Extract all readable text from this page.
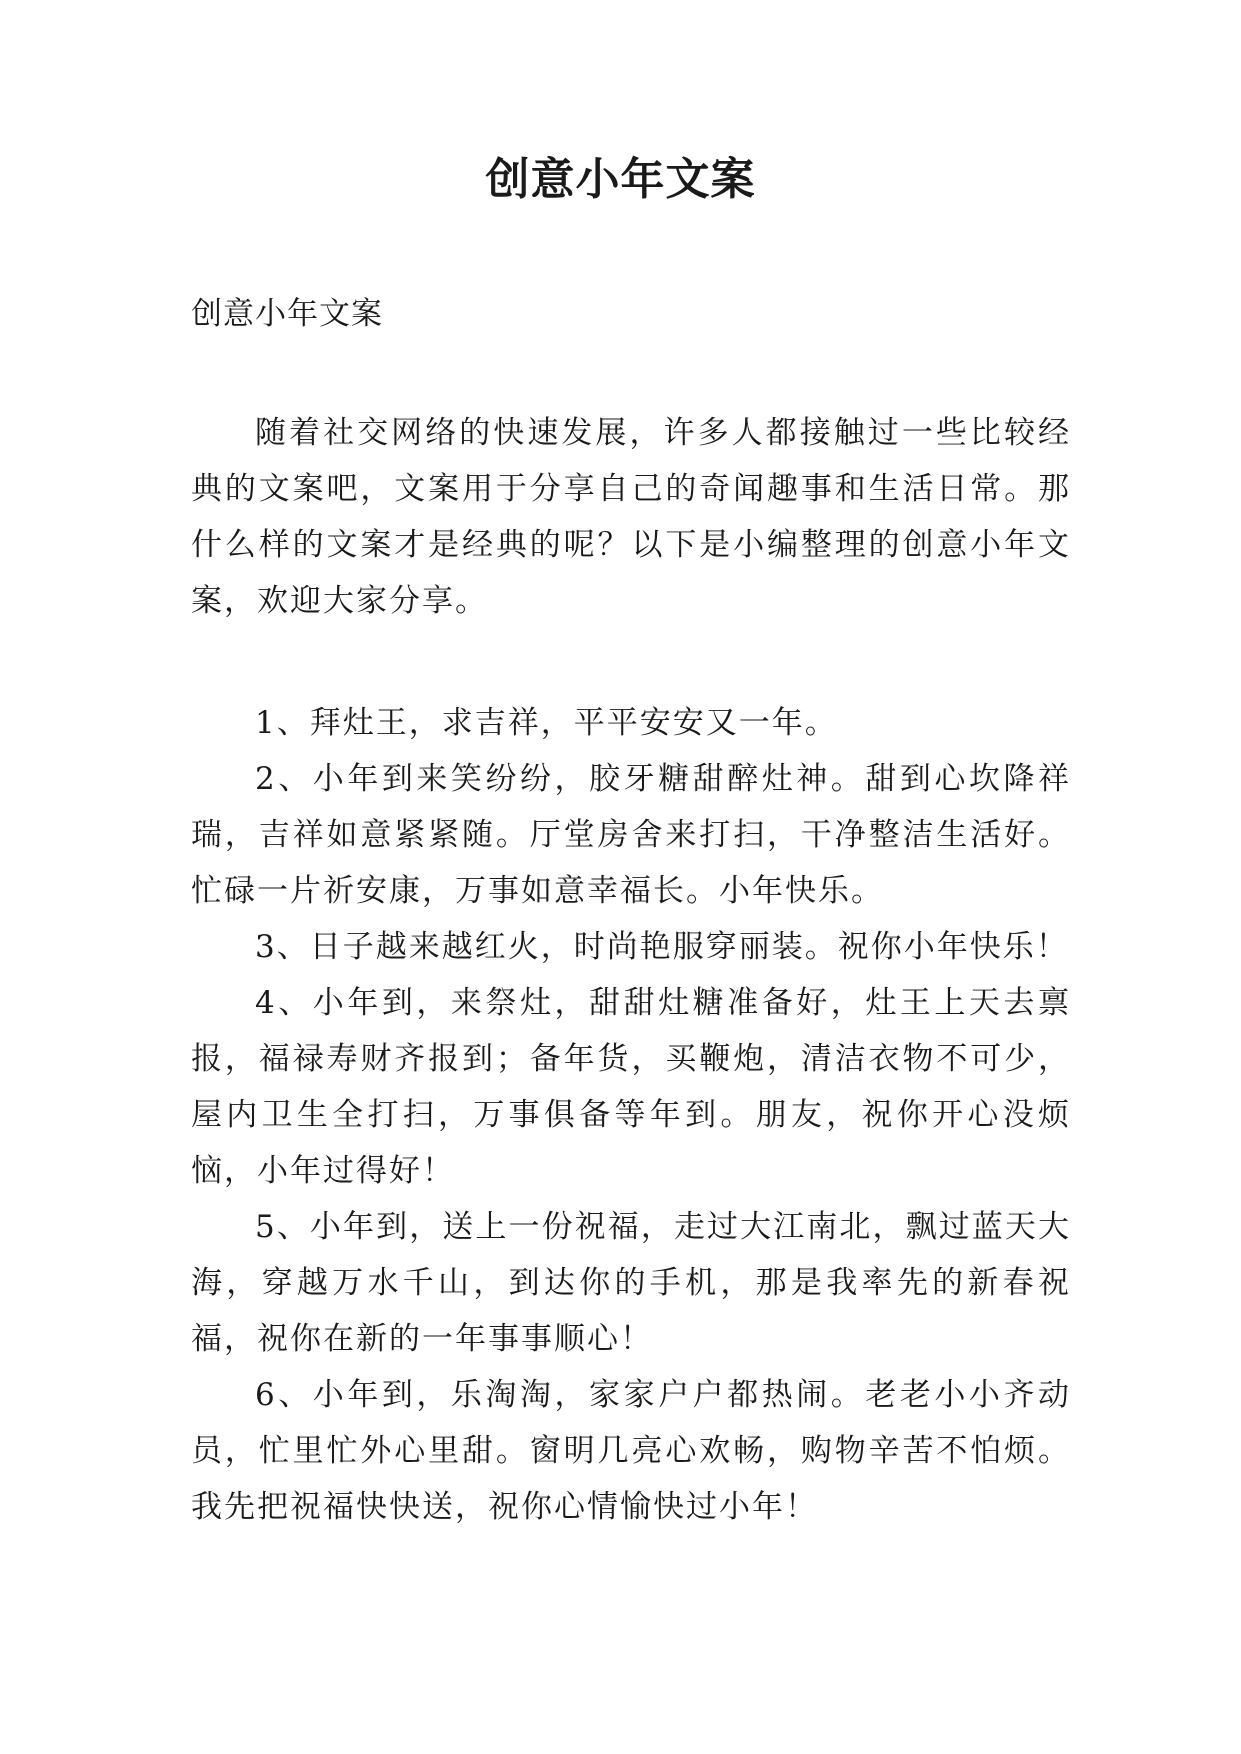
创意小年文案

创意小年文案

随着社交网络的快速发展，许多人都接触过一些比较经典的文案吧，文案用于分享自己的奇闻趣事和生活日常。那什么样的文案才是经典的呢？以下是小编整理的创意小年文案，欢迎大家分享。

1、拜灶王，求吉祥，平平安安又一年。

2、小年到来笑纷纷，胶牙糖甜醉灶神。甜到心坎降祥瑞，吉祥如意紧紧随。厅堂房舍来打扫，干净整洁生活好。忙碌一片祈安康，万事如意幸福长。小年快乐。

3、日子越来越红火，时尚艳服穿丽装。祝你小年快乐！

4、小年到，来祭灶，甜甜灶糖准备好，灶王上天去禀报，福禄寿财齐报到；备年货，买鞭炮，清洁衣物不可少，屋内卫生全打扫，万事俱备等年到。朋友，祝你开心没烦恼，小年过得好！

5、小年到，送上一份祝福，走过大江南北，飘过蓝天大海，穿越万水千山，到达你的手机，那是我率先的新春祝福，祝你在新的一年事事顺心！

6、小年到，乐淘淘，家家户户都热闹。老老小小齐动员，忙里忙外心里甜。窗明几亮心欢畅，购物辛苦不怕烦。我先把祝福快快送，祝你心情愉快过小年！
